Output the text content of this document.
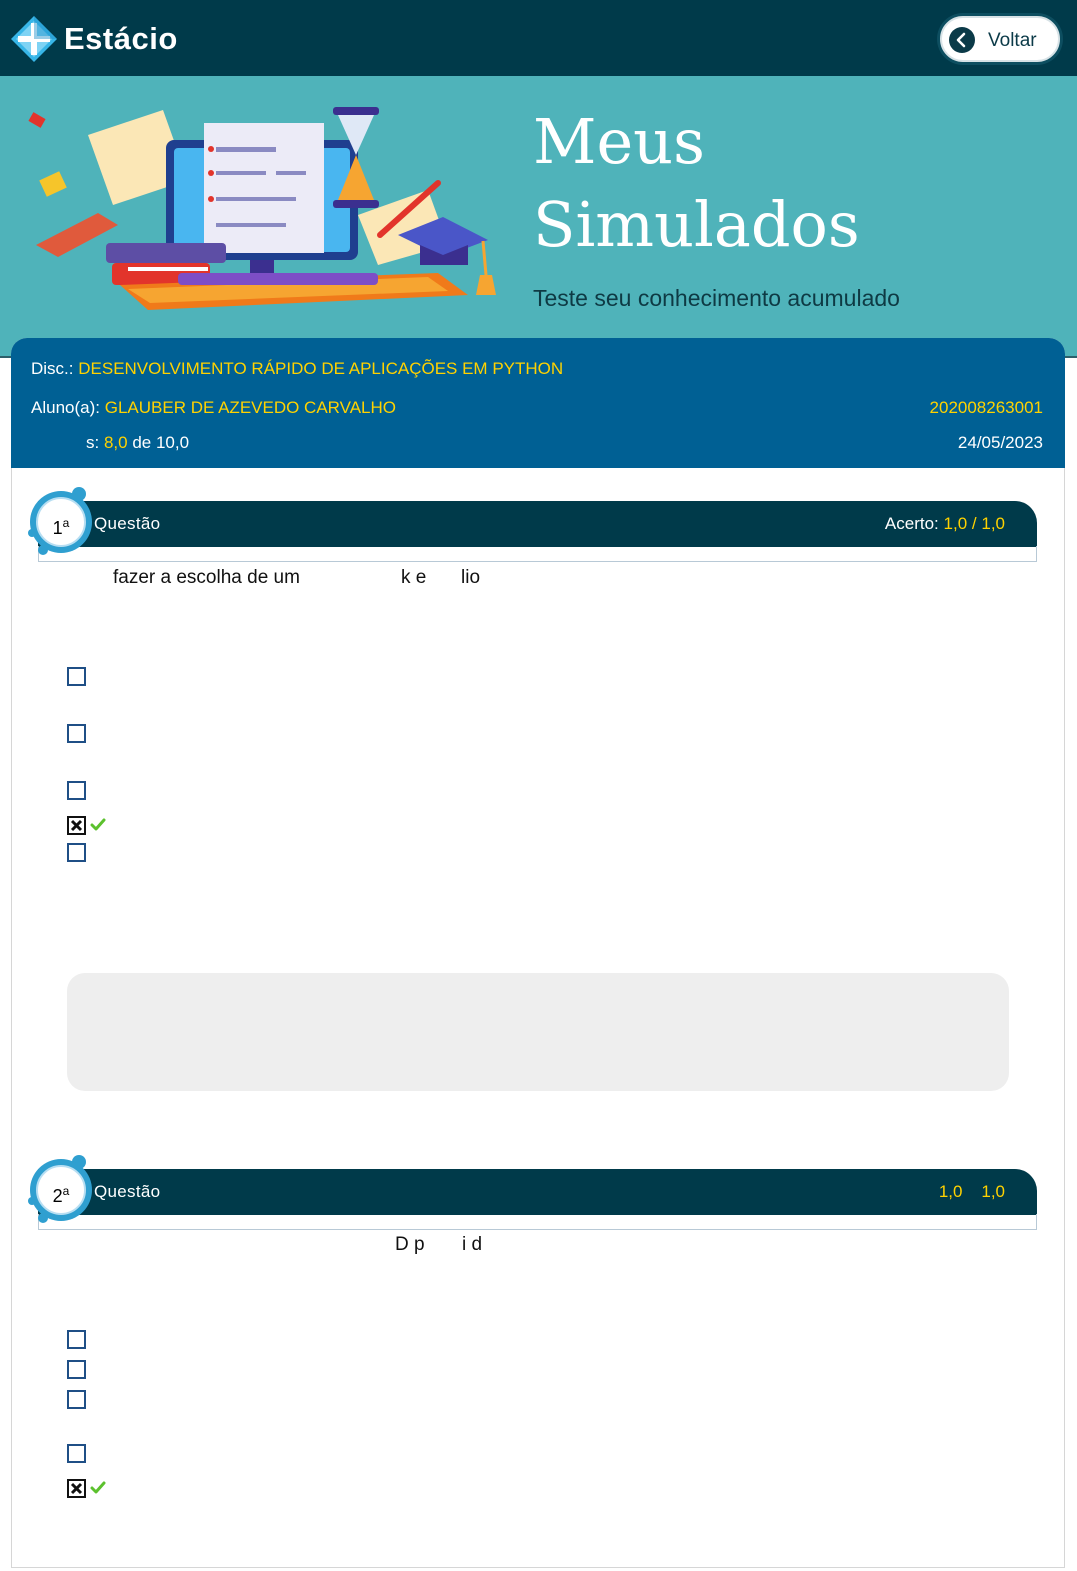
Estácio	Voltar
Meus
Simulados
Teste seu conhecimento acumulado
Disc.: DESENVOLVIMENTO RÁPIDO DE APLICAÇÕES EM PYTHON
Aluno(a): GLAUBER DE AZEVEDO CARVALHO	202008263001
s: 8,0 de 10,0	24/05/2023
Questão	Acerto: 1,0 / 1,0
1$^a$
fazer a escolha de um	k e lio
Questão	1,0 1,0
2$^a$
D p i d
